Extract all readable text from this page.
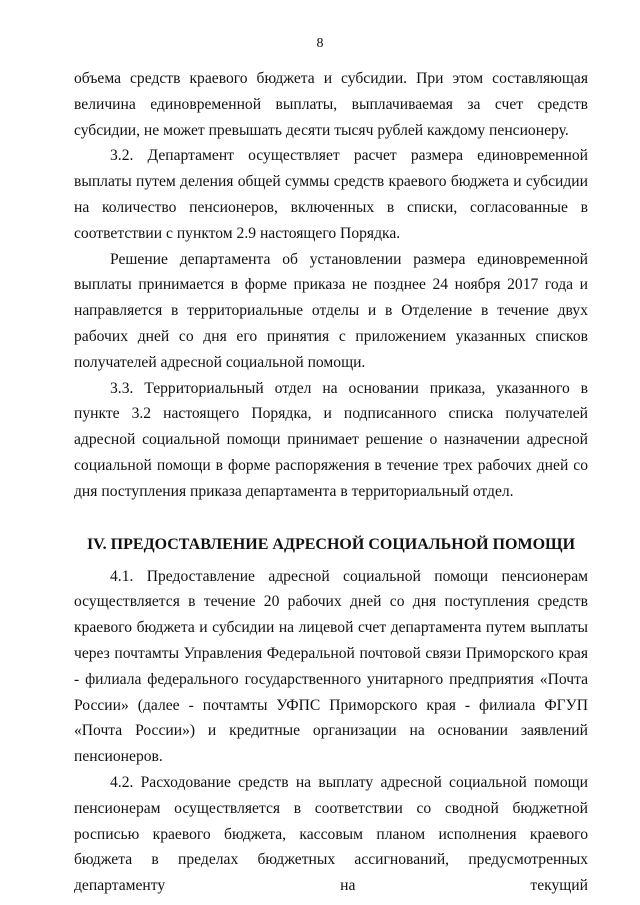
8

объема средств краевого бюджета и субсидии. При этом составляющая величина единовременной выплаты, выплачиваемая за счет средств субсидии, не может превышать десяти тысяч рублей каждому пенсионеру.

3.2. Департамент осуществляет расчет размера единовременной выплаты путем деления общей суммы средств краевого бюджета и субсидии на количество пенсионеров, включенных в списки, согласованные в соответствии с пунктом 2.9 настоящего Порядка.

Решение департамента об установлении размера единовременной выплаты принимается в форме приказа не позднее 24 ноября 2017 года и направляется в территориальные отделы и в Отделение в течение двух рабочих дней со дня его принятия с приложением указанных списков получателей адресной социальной помощи.

3.3. Территориальный отдел на основании приказа, указанного в пункте 3.2 настоящего Порядка, и подписанного списка получателей адресной социальной помощи принимает решение о назначении адресной социальной помощи в форме распоряжения в течение трех рабочих дней со дня поступления приказа департамента в территориальный отдел.

IV. ПРЕДОСТАВЛЕНИЕ АДРЕСНОЙ СОЦИАЛЬНОЙ ПОМОЩИ

4.1. Предоставление адресной социальной помощи пенсионерам осуществляется в течение 20 рабочих дней со дня поступления средств краевого бюджета и субсидии на лицевой счет департамента путем выплаты через почтамты Управления Федеральной почтовой связи Приморского края - филиала федерального государственного унитарного предприятия «Почта России» (далее - почтамты УФПС Приморского края - филиала ФГУП «Почта России») и кредитные организации на основании заявлений пенсионеров.

4.2. Расходование средств на выплату адресной социальной помощи пенсионерам осуществляется в соответствии со сводной бюджетной росписью краевого бюджета, кассовым планом исполнения краевого бюджета в пределах бюджетных ассигнований, предусмотренных департаменту на текущий
